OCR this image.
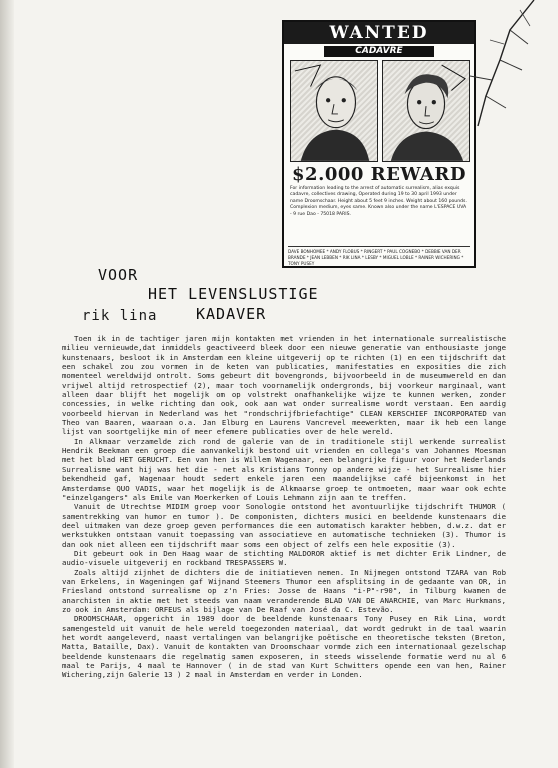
WANTED
CADAVRE
$2.000 REWARD
For information leading to the arrest of automatic surrealism, alias exquis cadavre, collectives drawing, Operated during 19 to 30 april 1993 under name Droomschaar. Height about 5 feet 9 inches. Weight about 160 pounds. Complexion medium, eyes same. Known also under the name L'ESPACE UVA - 9 rue Dao - 75018 PARIS.
DAVE BONHOMEE * ANDY FLOBUS * RINGERT * PAUL COGNEBO * DEBBIE VAN DER BRANDE * JEAN LEBBEN * RIK LINA * LESBY * MIGUEL LOBLE * RAINER WICHERING * TONY PUSEY
VOOR
HET LEVENSLUSTIGE
KADAVER
rik lina

Toen ik in de tachtiger jaren mijn kontakten met vrienden in het internationale surrealistische milieu vernieuwde,dat inmiddels geactiveerd bleek door een nieuwe generatie van enthousiaste jonge kunstenaars, besloot ik in Amsterdam een kleine uitgeverij op te richten (1) en een tijdschrift dat een schakel zou zou vormen in de keten van publicaties, manifestaties en exposities die zich momenteel wereldwijd ontrolt. Soms gebeurt dit bovengronds, bijvoorbeeld in de museumwereld en dan vrijwel altijd retrospectief (2), maar toch voornamelijk ondergronds, bij voorkeur marginaal, want alleen daar blijft het mogelijk om op volstrekt onafhankelijke wijze te kunnen werken, zonder concessies, in welke richting dan ook, ook aan wat onder surrealisme wordt verstaan. Een aardig voorbeeld hiervan in Nederland was het "rondschrijfbriefachtige" CLEAN KERSCHIEF INCORPORATED van Theo van Baaren, waaraan o.a. Jan Elburg en Laurens Vancrevel meewerkten, maar ik heb een lange lijst van soortgelijke min of meer efemere publicaties over de hele wereld.

In Alkmaar verzamelde zich rond de galerie van de in traditionele stijl werkende surrealist Hendrik Beekman een groep die aanvankelijk bestond uit vrienden en collega's van Johannes Moesman met het blad HET GERUCHT. Een van hen is Willem Wagenaar, een belangrijke figuur voor het Nederlands Surrealisme want hij was het die - net als Kristians Tonny op andere wijze - het Surrealisme hier bekendheid gaf, Wagenaar houdt sedert enkele jaren een maandelijkse café bijeenkomst in het Amsterdamse QUO VADIS, waar het mogelijk is de Alkmaarse groep te ontmoeten, maar waar ook echte "einzelgangers" als Emile van Moerkerken of Louis Lehmann zijn aan te treffen.

Vanuit de Utrechtse MIDIM groep voor Sonologie ontstond het avontuurlijke tijdschrift THUMOR ( samentrekking van humor en tumor ). De componisten, dichters musici en beeldende kunstenaars die deel uitmaken van deze groep geven performances die een automatisch karakter hebben, d.w.z. dat er werkstukken ontstaan vanuit toepassing van associatieve en automatische technieken (3). Thumor is dan ook niet alleen een tijdschrift maar soms een object of zelfs een hele expositie (3).

Dit gebeurt ook in Den Haag waar de stichting MALDOROR aktief is met dichter Erik Lindner, de audio-visuele uitgeverij en rockband TRESPASSERS W.

Zoals altijd zijnhet de dichters die de initiatieven nemen. In Nijmegen ontstond TZARA van Rob van Erkelens, in Wageningen gaf Wijnand Steemers Thumor een afsplitsing in de gedaante van OR, in Friesland ontstond surrealisme op z'n Fries: Josse de Haans "i-P"-r90", in Tilburg kwamen de anarchisten in aktie met het steeds van naam veranderende BLAD VAN DE ANARCHIE, van Marc Hurkmans, zo ook in Amsterdam: ORFEUS als bijlage van De Raaf van José da C. Estevão.

DROOMSCHAAR, opgericht in 1989 door de beeldende kunstenaars Tony Pusey en Rik Lina, wordt samengesteld uit vanuit de hele wereld toegezonden materiaal, dat wordt gedrukt in de taal waarin het wordt aangeleverd, naast vertalingen van belangrijke poëtische en theoretische teksten (Breton, Matta, Bataille, Dax). Vanuit de kontakten van Droomschaar vormde zich een internationaal gezelschap beeldende kunstenaars die regelmatig samen exposeren, in steeds wisselende formatie werd nu al 6 maal te Parijs, 4 maal te Hannover ( in de stad van Kurt Schwitters opende een van hen, Rainer Wichering,zijn Galerie 13 ) 2 maal in Amsterdam en verder in Londen.
